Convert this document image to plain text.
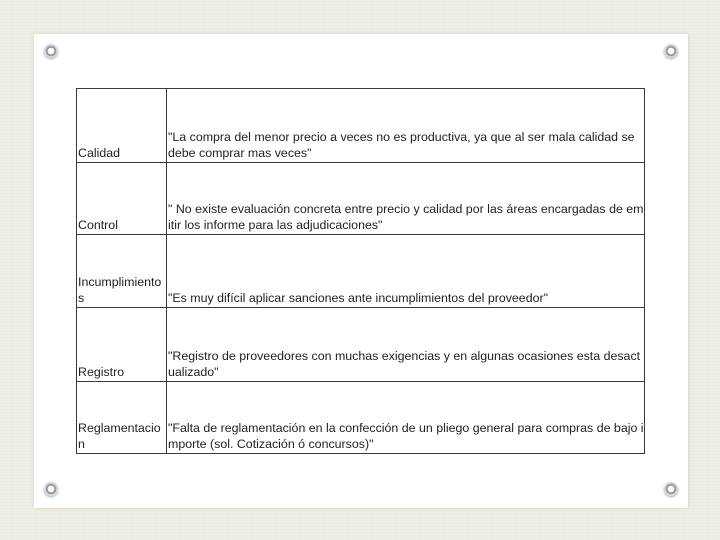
Calidad	"La compra del menor precio a veces no es productiva, ya que al ser mala calidad se debe comprar mas veces"
Control	" No existe evaluación concreta entre precio y calidad por las áreas encargadas de emitir los informe para las adjudicaciones"
Incumplimientos	"Es muy difícil aplicar sanciones ante incumplimientos del proveedor"
Registro	"Registro de proveedores con muchas exigencias y en algunas ocasiones esta desactualizado"
Reglamentacion	"Falta de reglamentación en la confección de un pliego general para compras de bajo importe (sol. Cotización ó concursos)"
